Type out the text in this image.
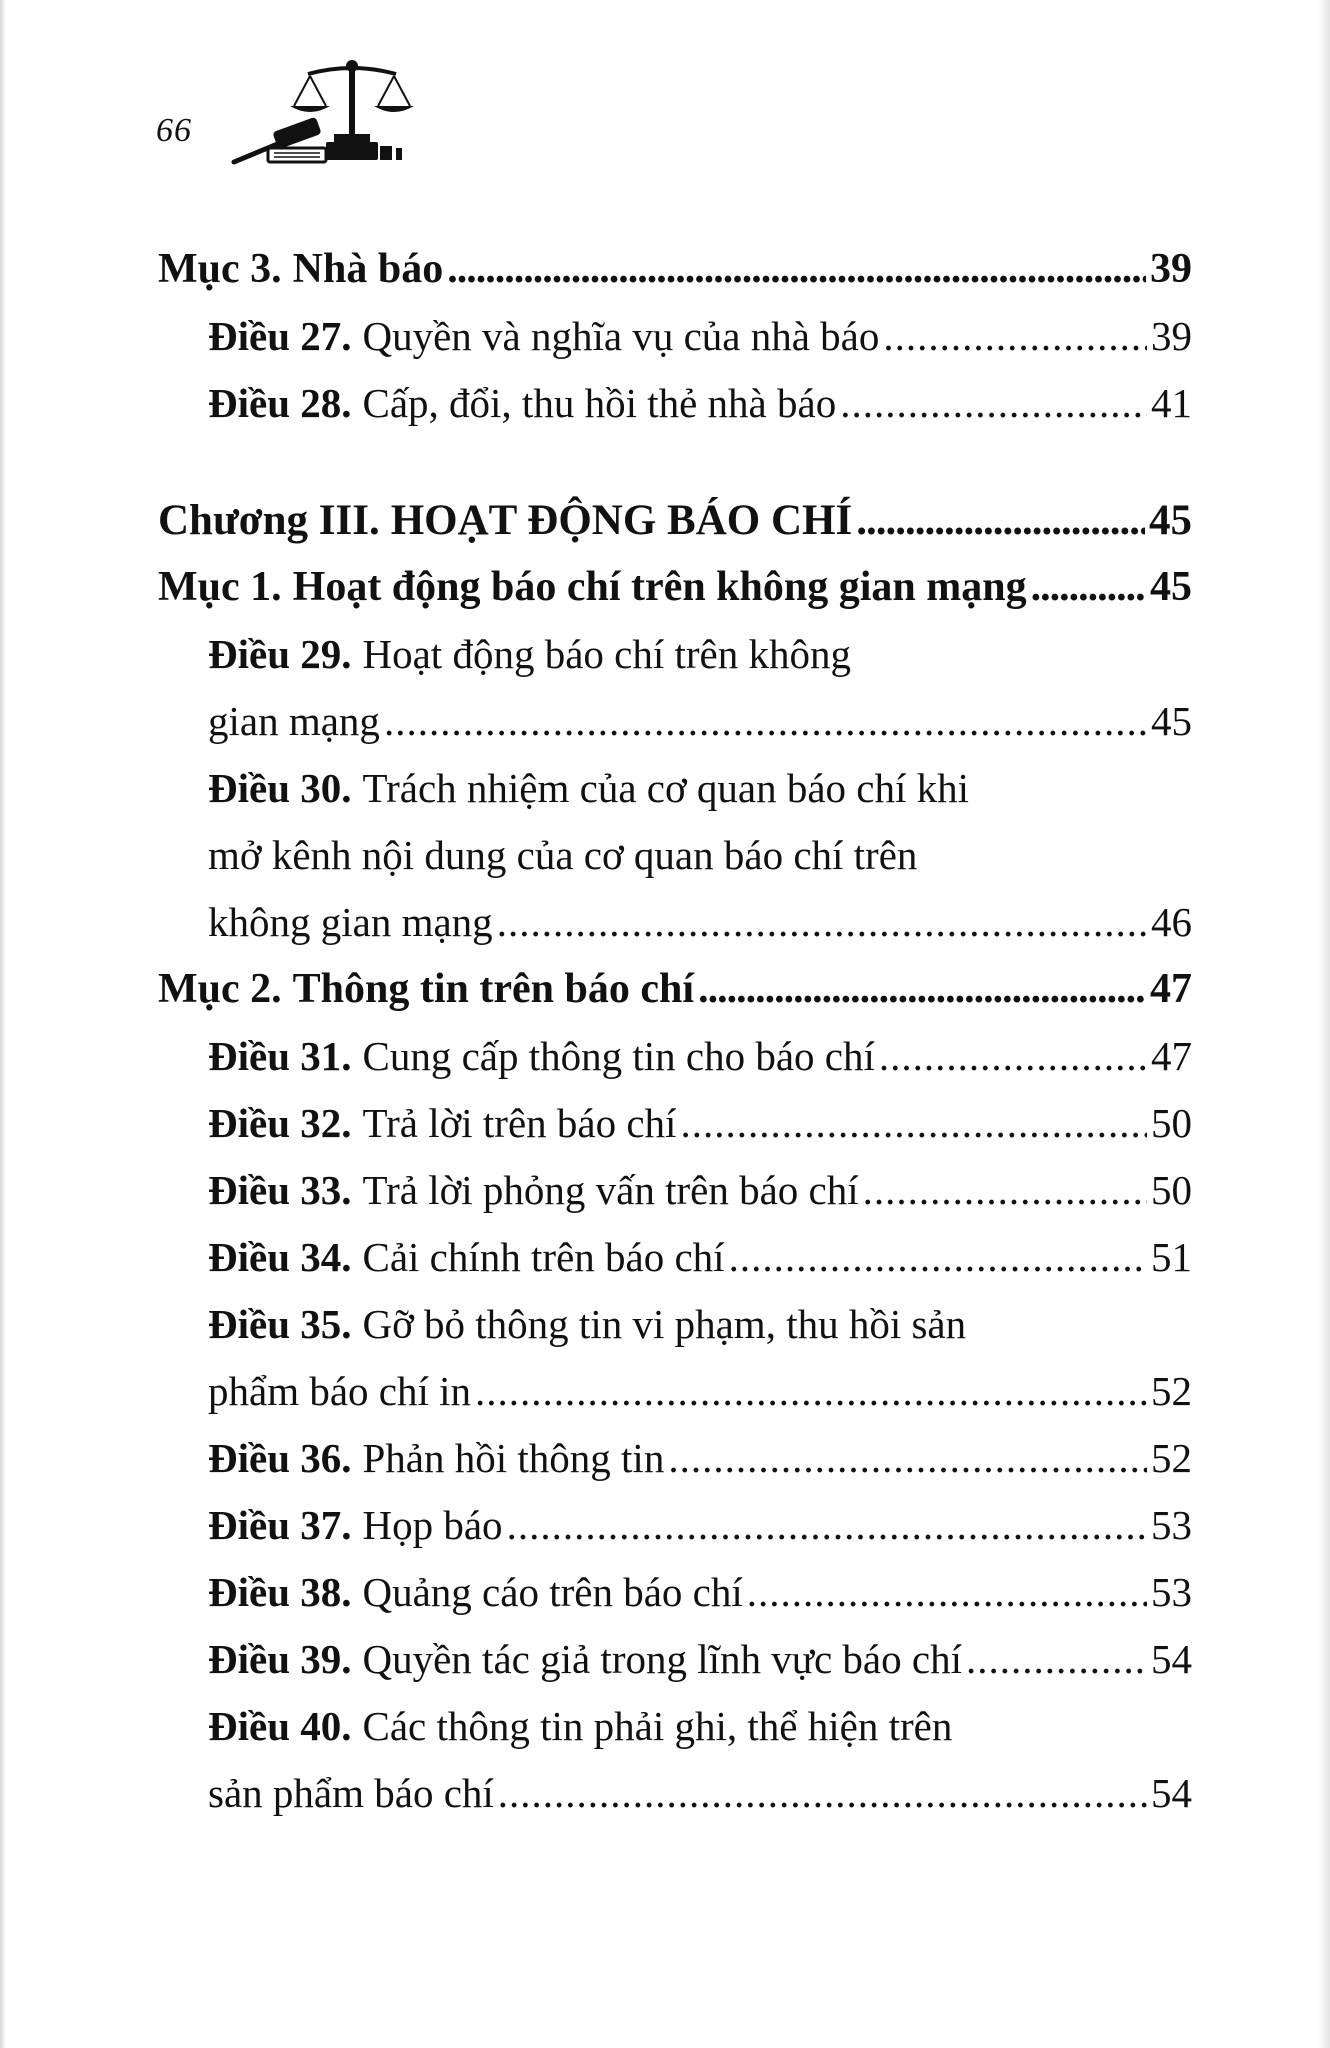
66
Mục 3. Nhà báo .....	39
Điều 27. Quyền và nghĩa vụ của nhà báo .....	39
Điều 28. Cấp, đổi, thu hồi thẻ nhà báo .....	41
Chương III. HOẠT ĐỘNG BÁO CHÍ .....	45
Mục 1. Hoạt động báo chí trên không gian mạng .....	45
Điều 29. Hoạt động báo chí trên không
gian mạng .....	45
Điều 30. Trách nhiệm của cơ quan báo chí khi
mở kênh nội dung của cơ quan báo chí trên
không gian mạng .....	46
Mục 2. Thông tin trên báo chí .....	47
Điều 31. Cung cấp thông tin cho báo chí .....	47
Điều 32. Trả lời trên báo chí .....	50
Điều 33. Trả lời phỏng vấn trên báo chí .....	50
Điều 34. Cải chính trên báo chí .....	51
Điều 35. Gỡ bỏ thông tin vi phạm, thu hồi sản
phẩm báo chí in .....	52
Điều 36. Phản hồi thông tin .....	52
Điều 37. Họp báo .....	53
Điều 38. Quảng cáo trên báo chí .....	53
Điều 39. Quyền tác giả trong lĩnh vực báo chí .....	54
Điều 40. Các thông tin phải ghi, thể hiện trên
sản phẩm báo chí .....	54
